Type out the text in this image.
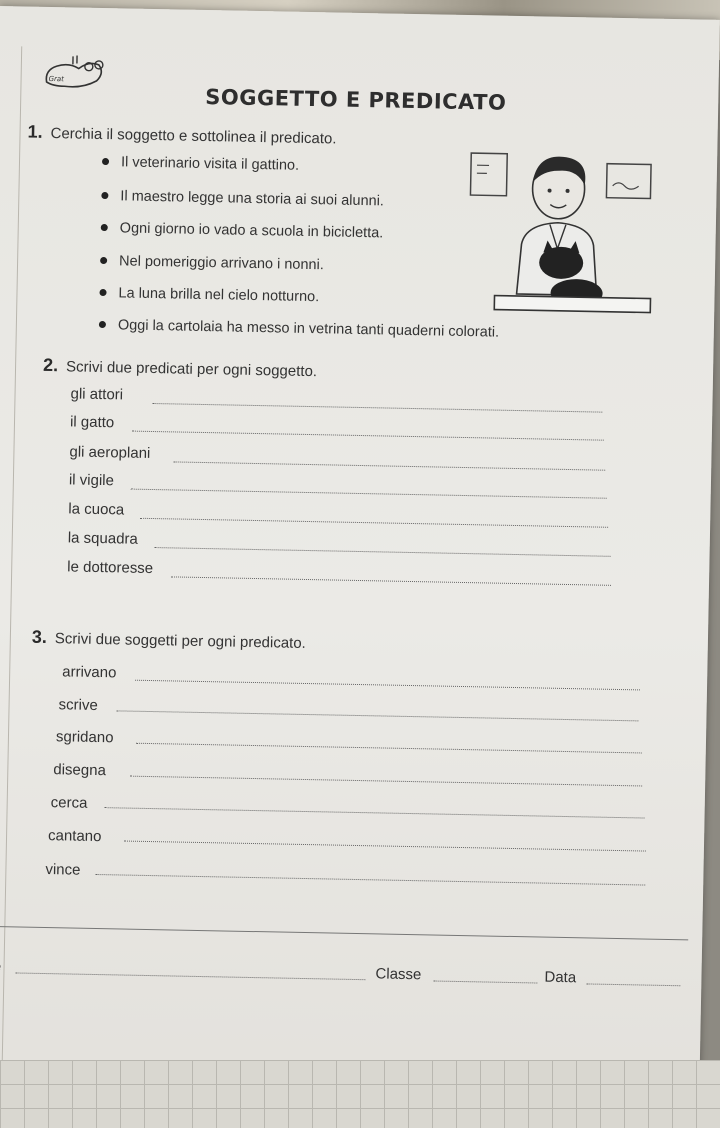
Grat
SOGGETTO E PREDICATO
1. Cerchia il soggetto e sottolinea il predicato.
Il veterinario visita il gattino.
Il maestro legge una storia ai suoi alunni.
Ogni giorno io vado a scuola in bicicletta.
Nel pomeriggio arrivano i nonni.
La luna brilla nel cielo notturno.
Oggi la cartolaia ha messo in vetrina tanti quaderni colorati.
2. Scrivi due predicati per ogni soggetto.
gli attori
il gatto
gli aeroplani
il vigile
la cuoca
la squadra
le dottoresse
3. Scrivi due soggetti per ogni predicato.
arrivano
scrive
sgridano
disegna
cerca
cantano
vince
Classe	Data
